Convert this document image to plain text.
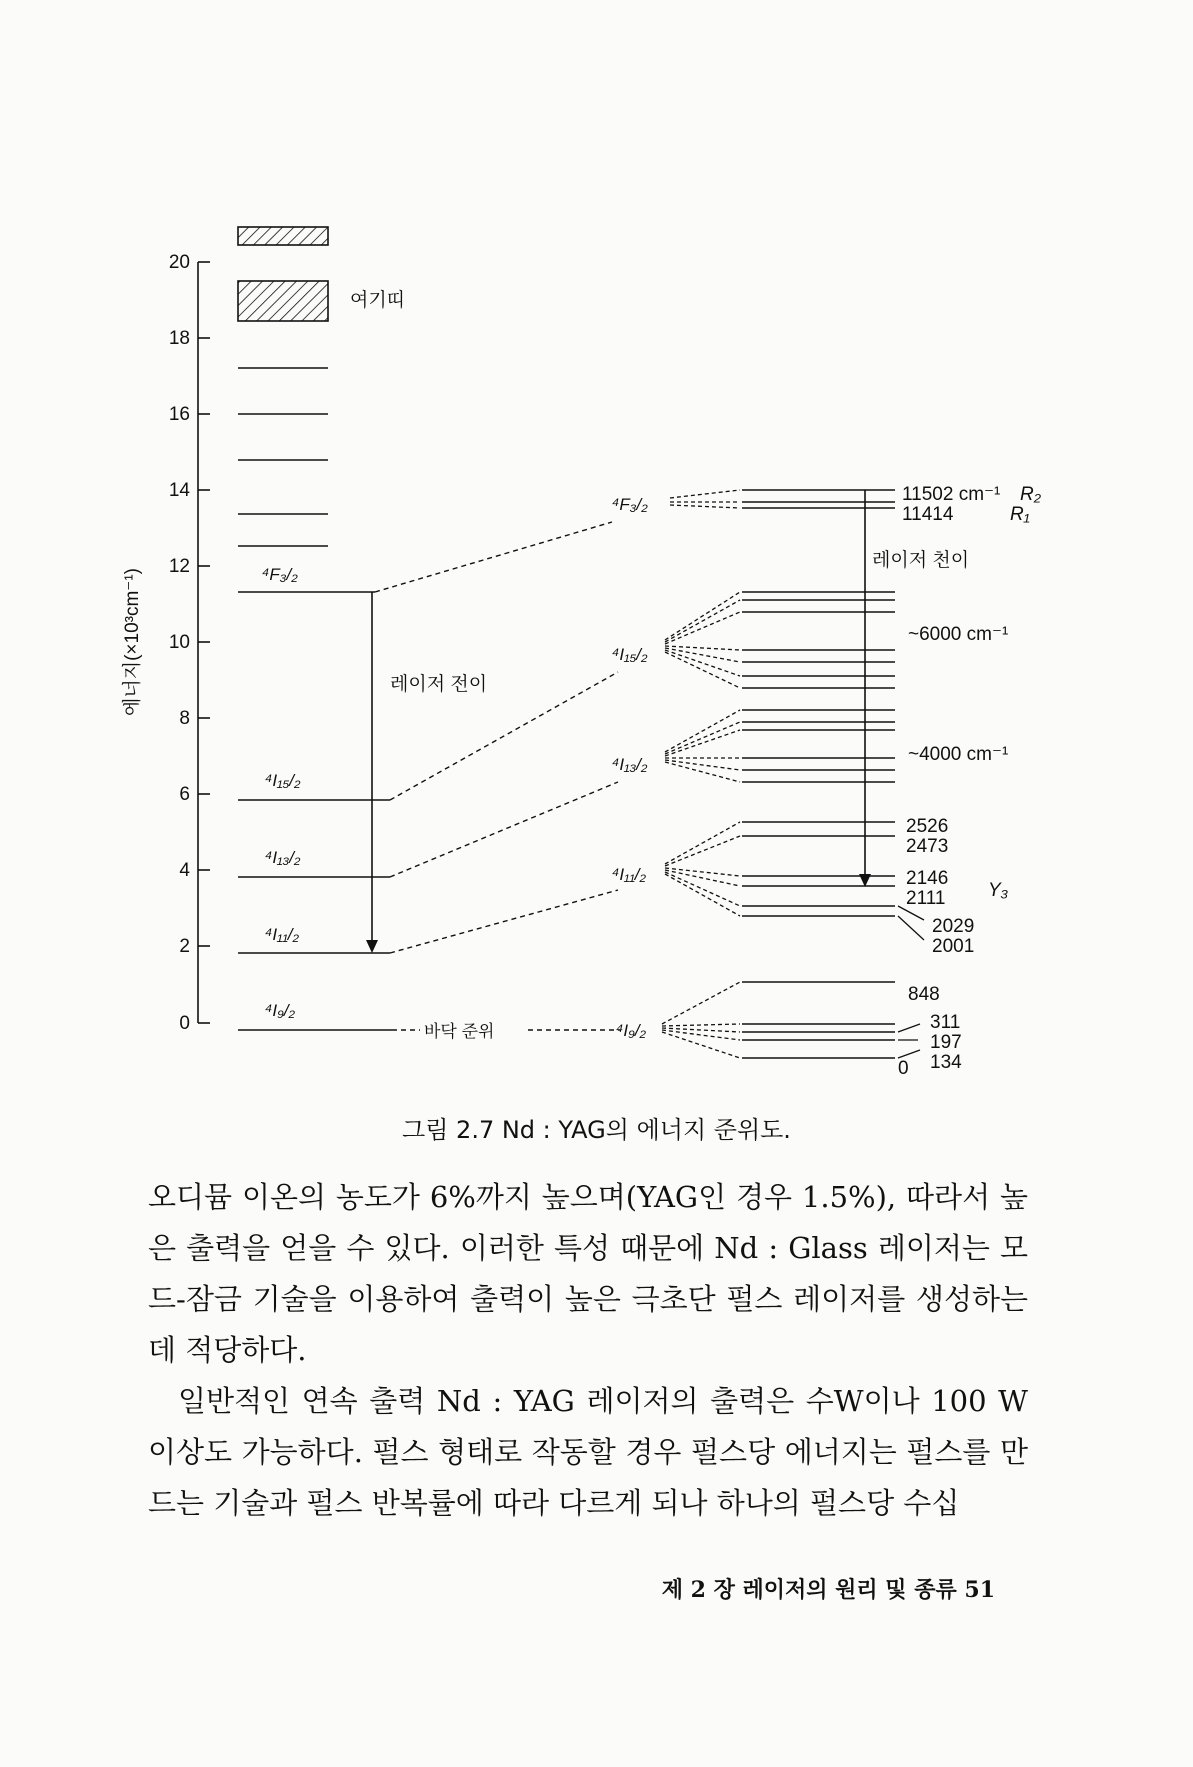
20
18
16
14
12
10
8
6
4
2
0
에너지(×10³cm⁻¹)
여기띠
⁴F₃/₂
⁴I₁₅/₂
⁴I₁₃/₂
⁴I₁₁/₂
⁴I₉/₂
레이저 전이
바닥 준위
⁴F₃/₂
⁴I₁₅/₂
⁴I₁₃/₂
⁴I₁₁/₂
⁴I₉/₂
레이저 천이
11502 cm⁻¹ R₂
11414	R₁
~6000 cm⁻¹
~4000 cm⁻¹
2526
2473
2146
2111 Y₃
2029
2001
848
311
197
134
0
그림 2.7 Nd : YAG의 에너지 준위도.

오디뮴 이온의 농도가 6%까지 높으며(YAG인 경우 1.5%), 따라서 높은 출력을 얻을 수 있다. 이러한 특성 때문에 Nd : Glass 레이저는 모드-잠금 기술을 이용하여 출력이 높은 극초단 펄스 레이저를 생성하는 데 적당하다.

일반적인 연속 출력 Nd : YAG 레이저의 출력은 수W이나 100 W 이상도 가능하다. 펄스 형태로 작동할 경우 펄스당 에너지는 펄스를 만드는 기술과 펄스 반복률에 따라 다르게 되나 하나의 펄스당 수십

제 2 장 레이저의 원리 및 종류 51
